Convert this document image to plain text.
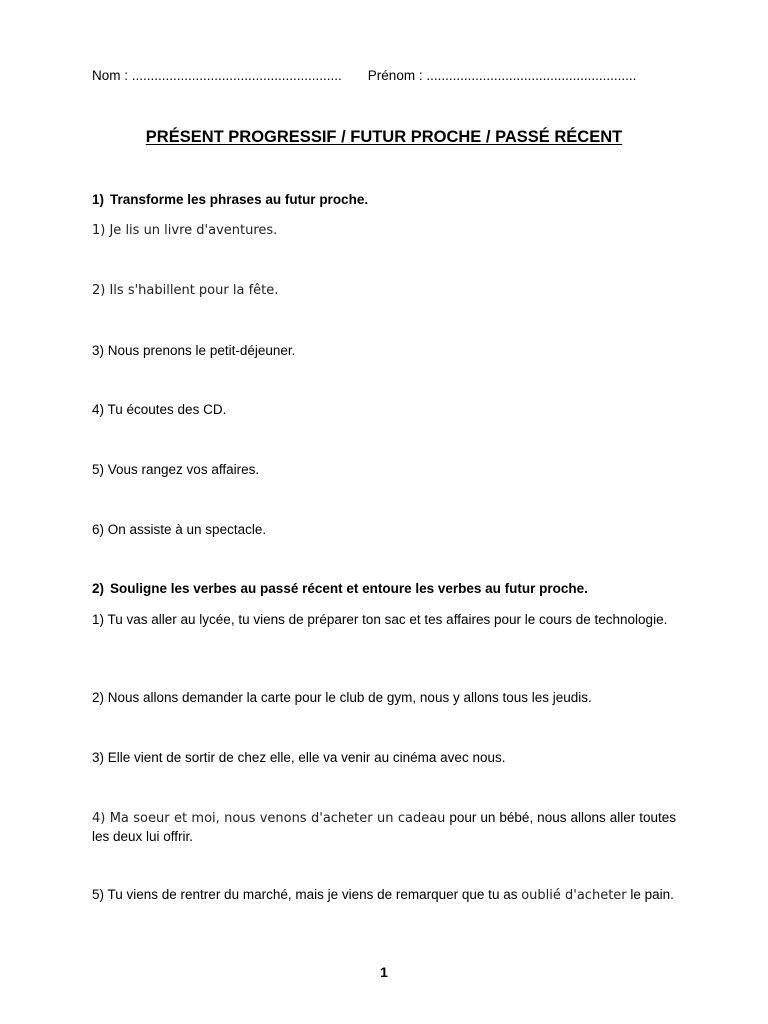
Nom : ........................................................ Prénom : ........................................................

PRÉSENT PROGRESSIF / FUTUR PROCHE / PASSÉ RÉCENT

1) Transforme les phrases au futur proche.

1) Je lis un livre d'aventures.

2) Ils s'habillent pour la fête.

3) Nous prenons le petit-déjeuner.

4) Tu écoutes des CD.

5) Vous rangez vos affaires.

6) On assiste à un spectacle.

2) Souligne les verbes au passé récent et entoure les verbes au futur proche.

1) Tu vas aller au lycée, tu viens de préparer ton sac et tes affaires pour le cours de technologie.

2) Nous allons demander la carte pour le club de gym, nous y allons tous les jeudis.

3) Elle vient de sortir de chez elle, elle va venir au cinéma avec nous.

4) Ma soeur et moi, nous venons d'acheter un cadeau pour un bébé, nous allons aller toutes les deux lui offrir.

5) Tu viens de rentrer du marché, mais je viens de remarquer que tu as oublié d'acheter le pain.

1
